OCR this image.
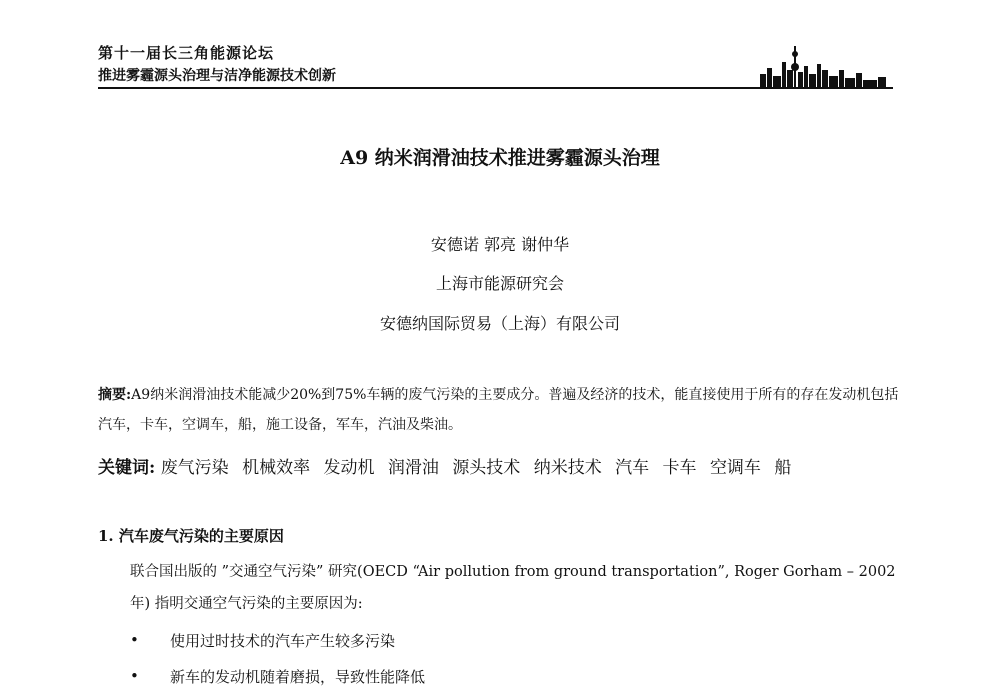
第十一届长三角能源论坛
推进雾霾源头治理与洁净能源技术创新
A9 纳米润滑油技术推进雾霾源头治理
安德诺 郭亮 谢仲华
上海市能源研究会
安德纳国际贸易（上海）有限公司
摘要:A9纳米润滑油技术能减少20%到75%车辆的废气污染的主要成分。普遍及经济的技术，能直接使用于所有的存在发动机包括汽车，卡车，空调车，船，施工设备，军车，汽油及柴油。
关键词: 废气污染 机械效率 发动机 润滑油 源头技术 纳米技术 汽车 卡车 空调车 船
1. 汽车废气污染的主要原因
联合国出版的 ”交通空气污染” 研究(OECD “Air pollution from ground transportation”, Roger Gorham – 2002 年) 指明交通空气污染的主要原因为:
•	使用过时技术的汽车产生较多污染
•	新车的发动机随着磨损，导致性能降低
